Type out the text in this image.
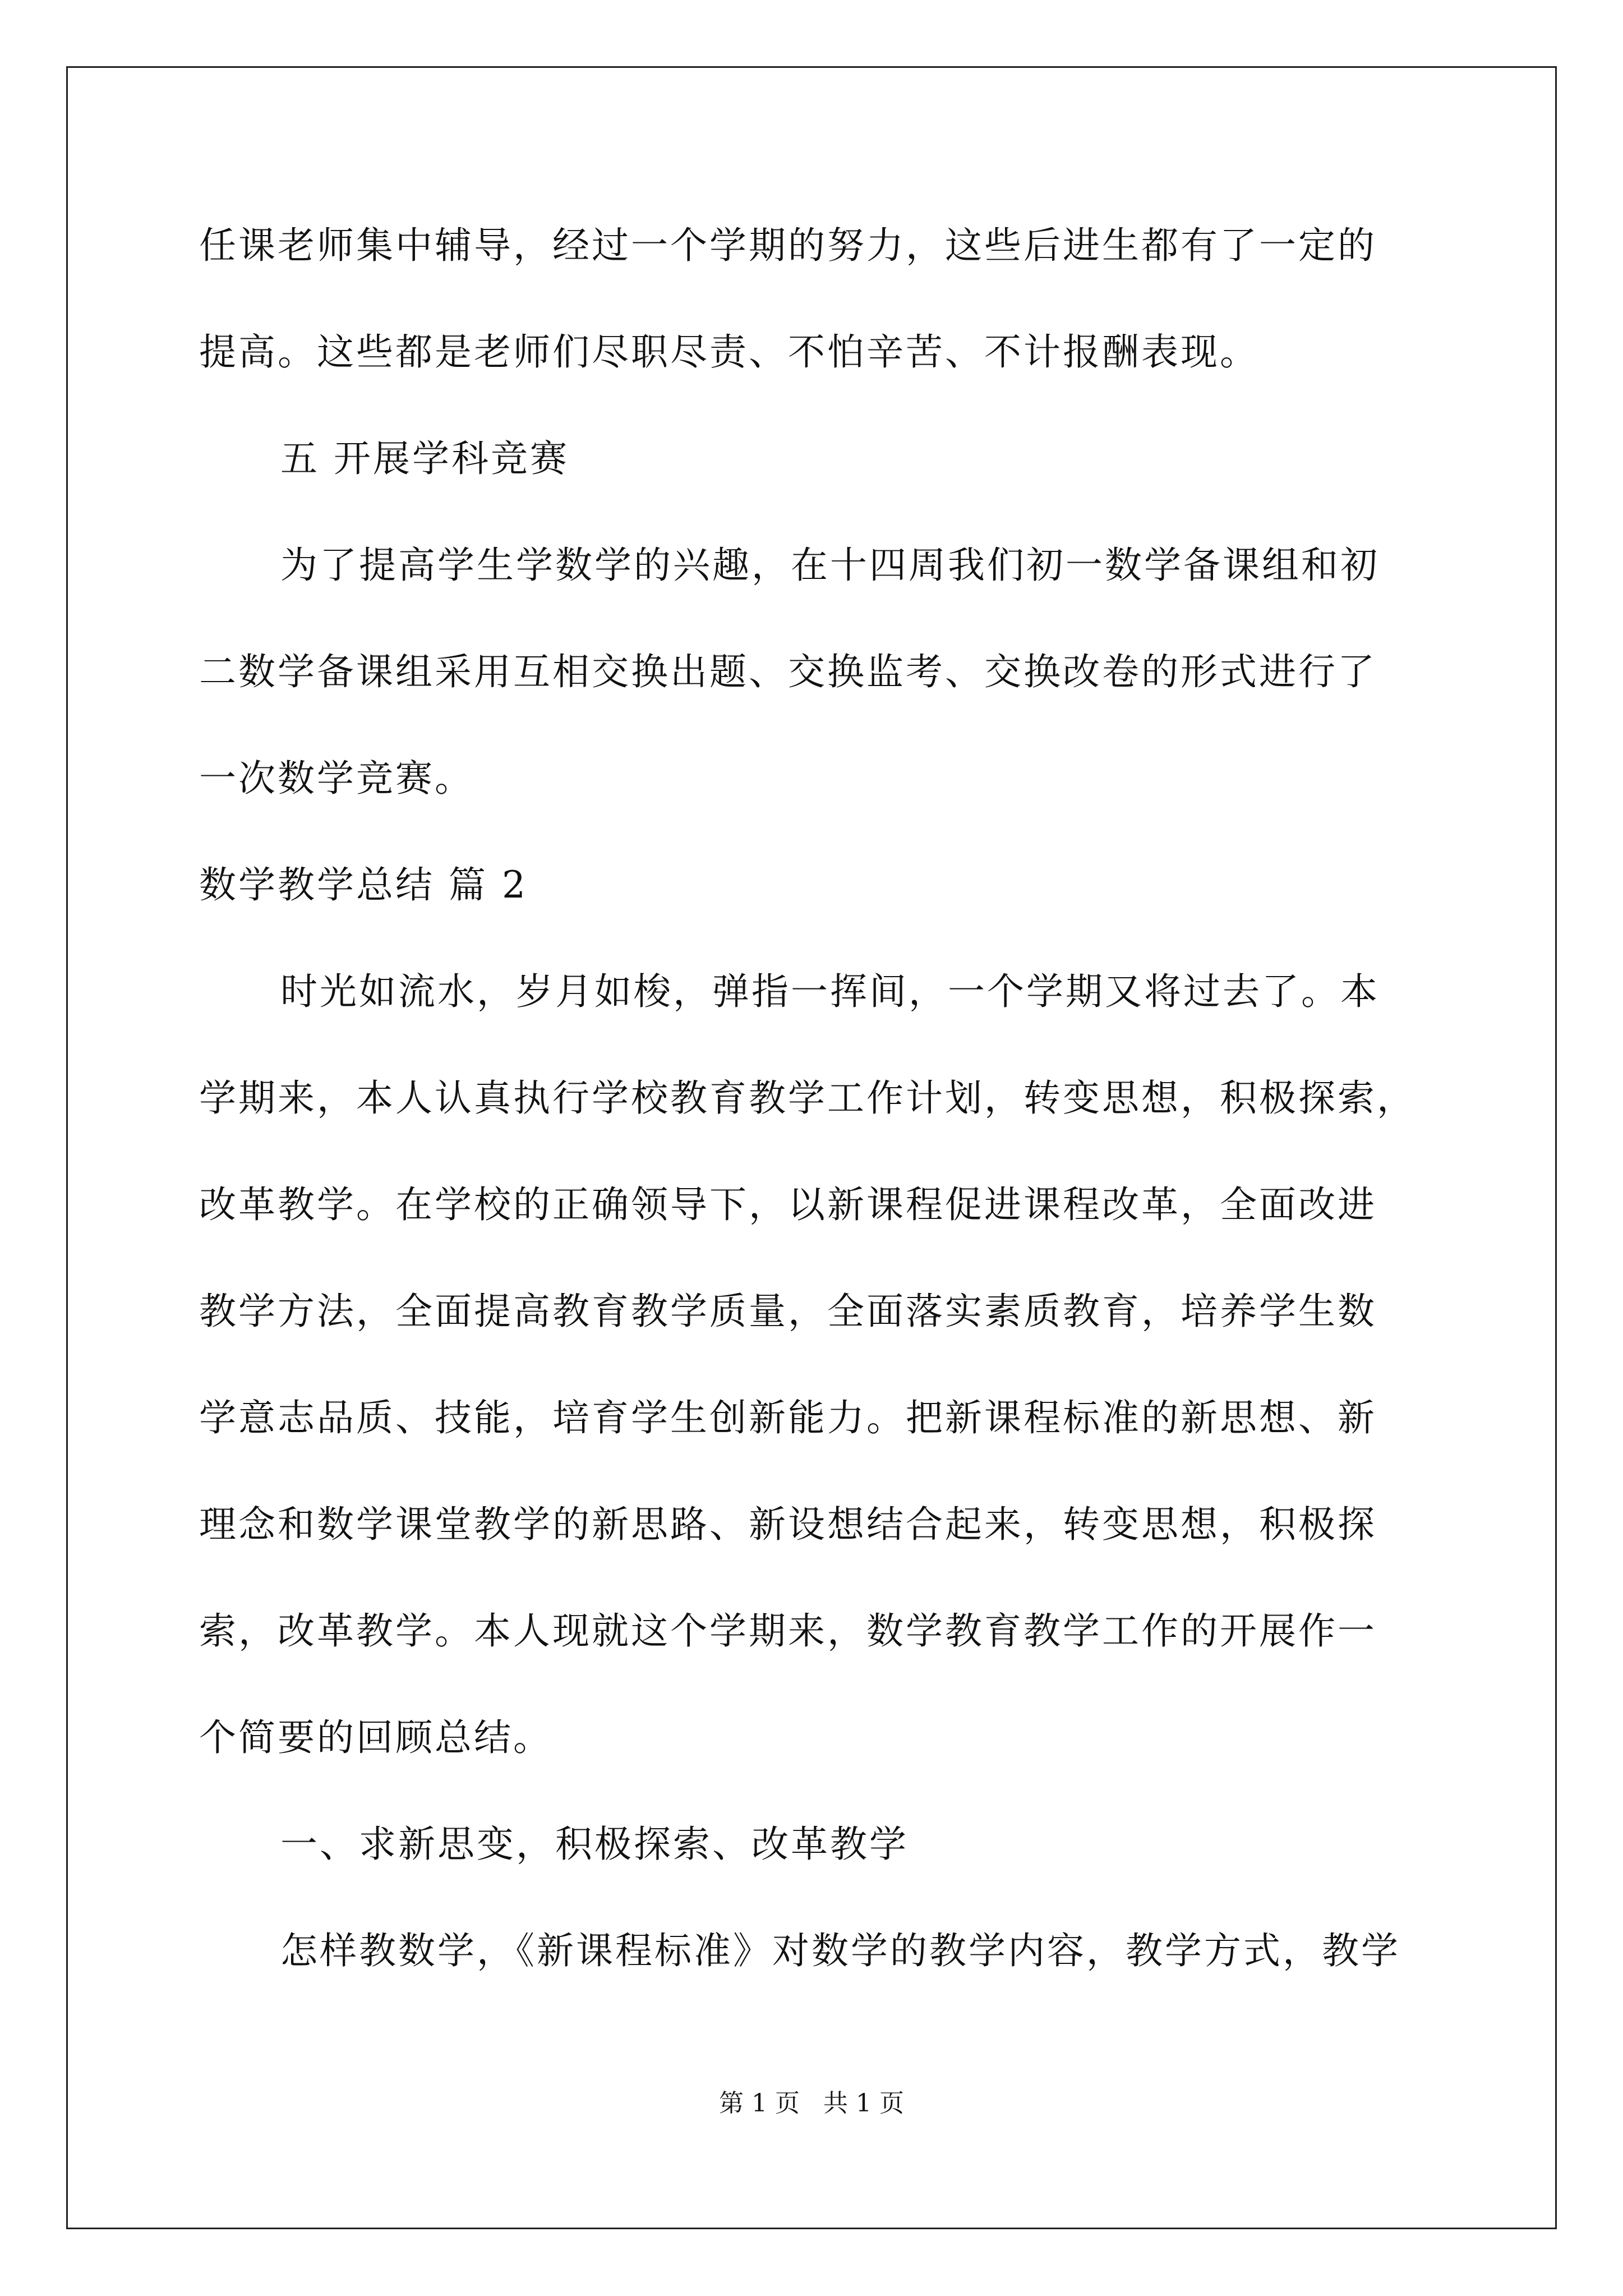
任课老师集中辅导，经过一个学期的努力，这些后进生都有了一定的
提高。这些都是老师们尽职尽责、不怕辛苦、不计报酬表现。
五 开展学科竞赛
为了提高学生学数学的兴趣，在十四周我们初一数学备课组和初
二数学备课组采用互相交换出题、交换监考、交换改卷的形式进行了
一次数学竞赛。
数学教学总结 篇 2
时光如流水，岁月如梭，弹指一挥间，一个学期又将过去了。本
学期来，本人认真执行学校教育教学工作计划，转变思想，积极探索，
改革教学。在学校的正确领导下，以新课程促进课程改革，全面改进
教学方法，全面提高教育教学质量，全面落实素质教育，培养学生数
学意志品质、技能，培育学生创新能力。把新课程标准的新思想、新
理念和数学课堂教学的新思路、新设想结合起来，转变思想，积极探
索，改革教学。本人现就这个学期来，数学教育教学工作的开展作一
个简要的回顾总结。
一、求新思变，积极探索、改革教学
怎样教数学，《新课程标准》对数学的教学内容，教学方式，教学
第 1 页   共 1 页
